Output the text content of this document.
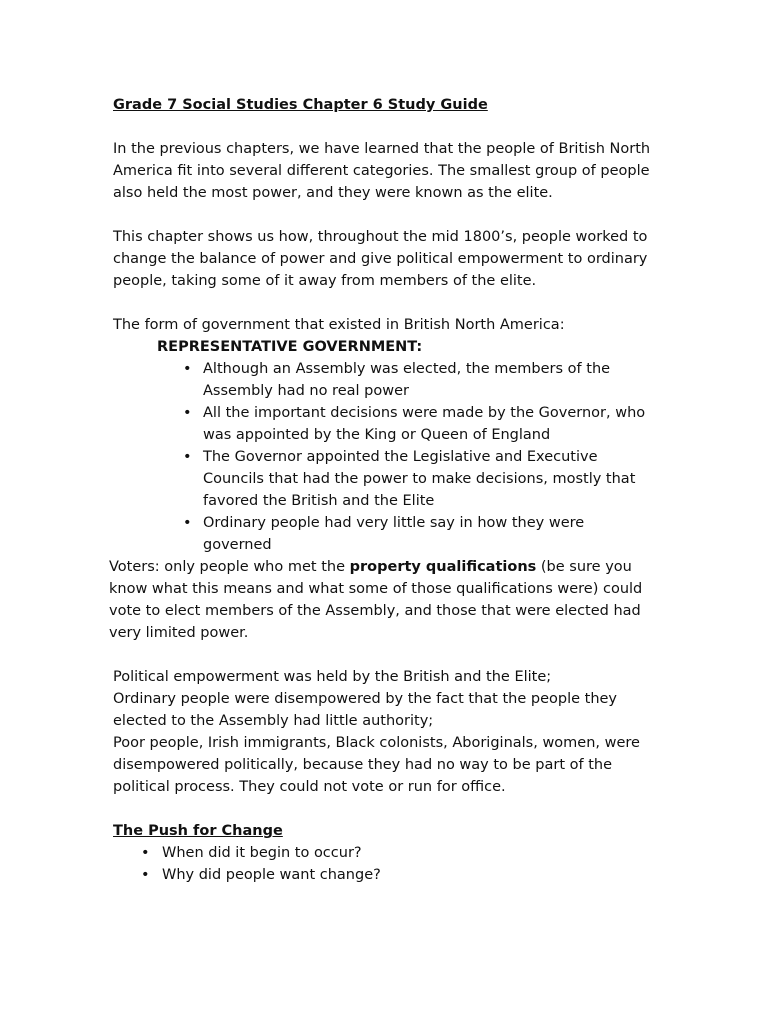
Grade 7 Social Studies Chapter 6 Study Guide

In the previous chapters, we have learned that the people of British North America fit into several different categories. The smallest group of people also held the most power, and they were known as the elite.

This chapter shows us how, throughout the mid 1800’s, people worked to change the balance of power and give political empowerment to ordinary people, taking some of it away from members of the elite.

The form of government that existed in British North America:

REPRESENTATIVE GOVERNMENT:

• Although an Assembly was elected, the members of the Assembly had no real power
• All the important decisions were made by the Governor, who was appointed by the King or Queen of England
• The Governor appointed the Legislative and Executive Councils that had the power to make decisions, mostly that favored the British and the Elite
• Ordinary people had very little say in how they were governed

Voters: only people who met the property qualifications (be sure you know what this means and what some of those qualifications were) could vote to elect members of the Assembly, and those that were elected had very limited power.

Political empowerment was held by the British and the Elite;
Ordinary people were disempowered by the fact that the people they elected to the Assembly had little authority;
Poor people, Irish immigrants, Black colonists, Aboriginals, women, were disempowered politically, because they had no way to be part of the political process. They could not vote or run for office.

The Push for Change

• When did it begin to occur?
• Why did people want change?
